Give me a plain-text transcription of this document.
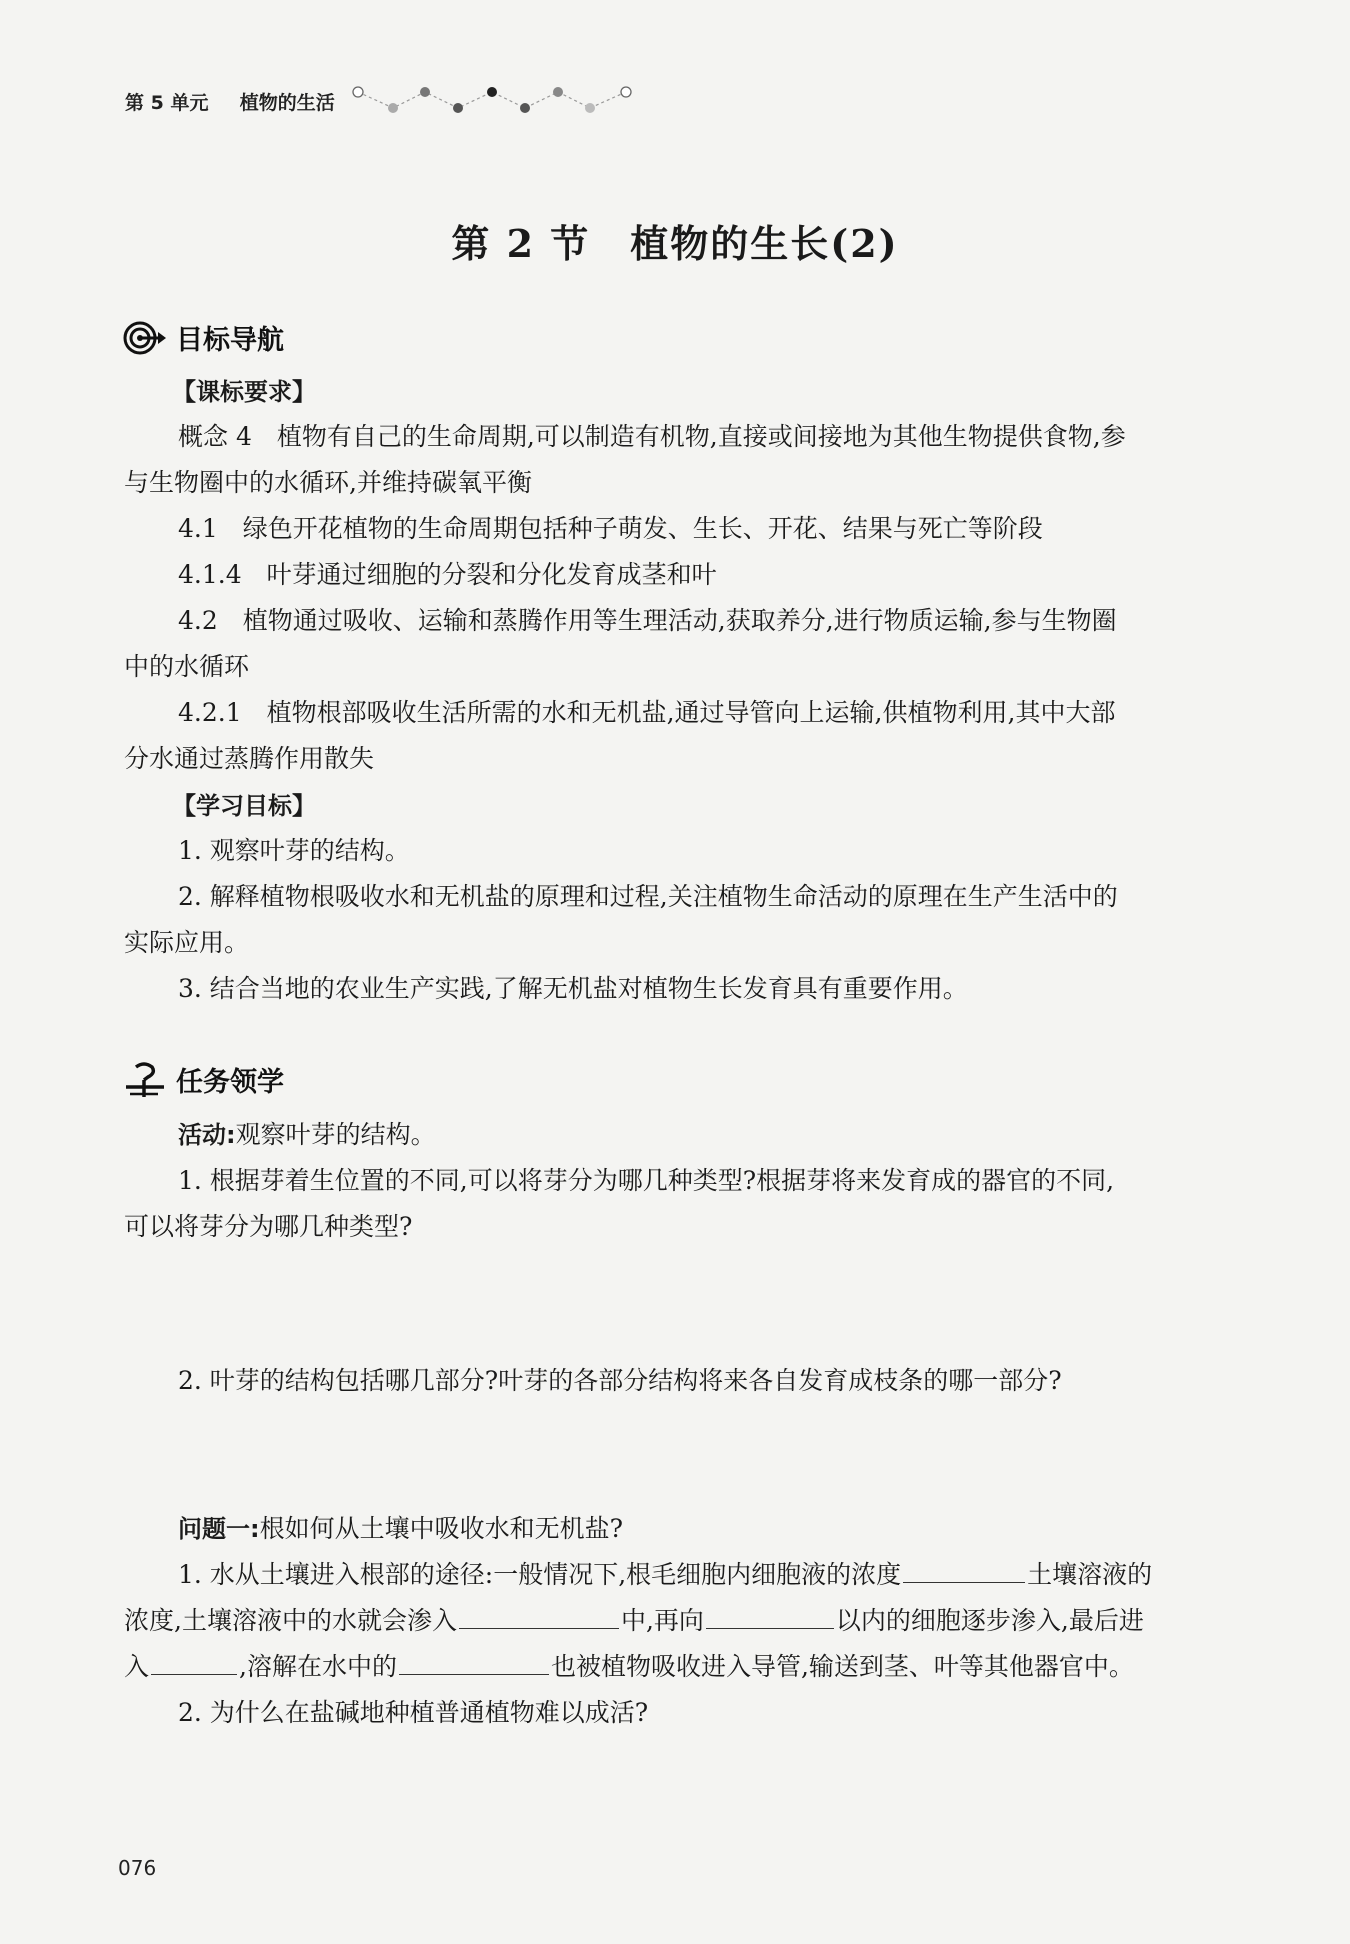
第 5 单元 植物的生活
第 2 节　植物的生长(2)
目标导航
【课标要求】
概念 4　植物有自己的生命周期,可以制造有机物,直接或间接地为其他生物提供食物,参
与生物圈中的水循环,并维持碳氧平衡
4.1　绿色开花植物的生命周期包括种子萌发、生长、开花、结果与死亡等阶段
4.1.4　叶芽通过细胞的分裂和分化发育成茎和叶
4.2　植物通过吸收、运输和蒸腾作用等生理活动,获取养分,进行物质运输,参与生物圈
中的水循环
4.2.1　植物根部吸收生活所需的水和无机盐,通过导管向上运输,供植物利用,其中大部
分水通过蒸腾作用散失
【学习目标】
1. 观察叶芽的结构。
2. 解释植物根吸收水和无机盐的原理和过程,关注植物生命活动的原理在生产生活中的
实际应用。
3. 结合当地的农业生产实践,了解无机盐对植物生长发育具有重要作用。
任务领学
活动:观察叶芽的结构。
1. 根据芽着生位置的不同,可以将芽分为哪几种类型?根据芽将来发育成的器官的不同,
可以将芽分为哪几种类型?
2. 叶芽的结构包括哪几部分?叶芽的各部分结构将来各自发育成枝条的哪一部分?
问题一:根如何从土壤中吸收水和无机盐?
1. 水从土壤进入根部的途径:一般情况下,根毛细胞内细胞液的浓度	土壤溶液的
浓度,土壤溶液中的水就会渗入	中,再向	以内的细胞逐步渗入,最后进
入	,溶解在水中的	也被植物吸收进入导管,输送到茎、叶等其他器官中。
2. 为什么在盐碱地种植普通植物难以成活?
076
